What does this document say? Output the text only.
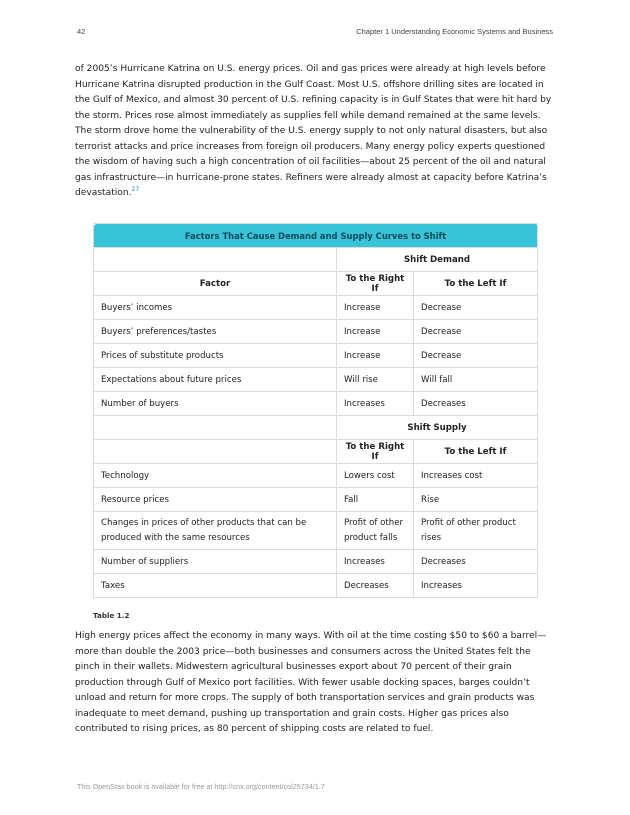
42	Chapter 1 Understanding Economic Systems and Business

of 2005’s Hurricane Katrina on U.S. energy prices. Oil and gas prices were already at high levels before Hurricane Katrina disrupted production in the Gulf Coast. Most U.S. offshore drilling sites are located in the Gulf of Mexico, and almost 30 percent of U.S. refining capacity is in Gulf States that were hit hard by the storm. Prices rose almost immediately as supplies fell while demand remained at the same levels.

The storm drove home the vulnerability of the U.S. energy supply to not only natural disasters, but also terrorist attacks and price increases from foreign oil producers. Many energy policy experts questioned the wisdom of having such a high concentration of oil facilities—about 25 percent of the oil and natural gas infrastructure—in hurricane-prone states. Refiners were already almost at capacity before Katrina’s devastation.$^{27}$

Factors That Cause Demand and Supply Curves to Shift		
	Shift Demand	
Factor	To the Right If	To the Left If
Buyers’ incomes	Increase	Decrease
Buyers’ preferences/tastes	Increase	Decrease
Prices of substitute products	Increase	Decrease
Expectations about future prices	Will rise	Will fall
Number of buyers	Increases	Decreases
	Shift Supply	
	To the Right If	To the Left If
Technology	Lowers cost	Increases cost
Resource prices	Fall	Rise
Changes in prices of other products that can be produced with the same resources	Profit of other product falls	Profit of other product rises
Number of suppliers	Increases	Decreases
Taxes	Decreases	Increases
Table 1.2

High energy prices affect the economy in many ways. With oil at the time costing $50 to $60 a barrel—more than double the 2003 price—both businesses and consumers across the United States felt the pinch in their wallets. Midwestern agricultural businesses export about 70 percent of their grain production through Gulf of Mexico port facilities. With fewer usable docking spaces, barges couldn’t unload and return for more crops. The supply of both transportation services and grain products was inadequate to meet demand, pushing up transportation and grain costs. Higher gas prices also contributed to rising prices, as 80 percent of shipping costs are related to fuel.

This OpenStax book is available for free at http://cnx.org/content/col25734/1.7
